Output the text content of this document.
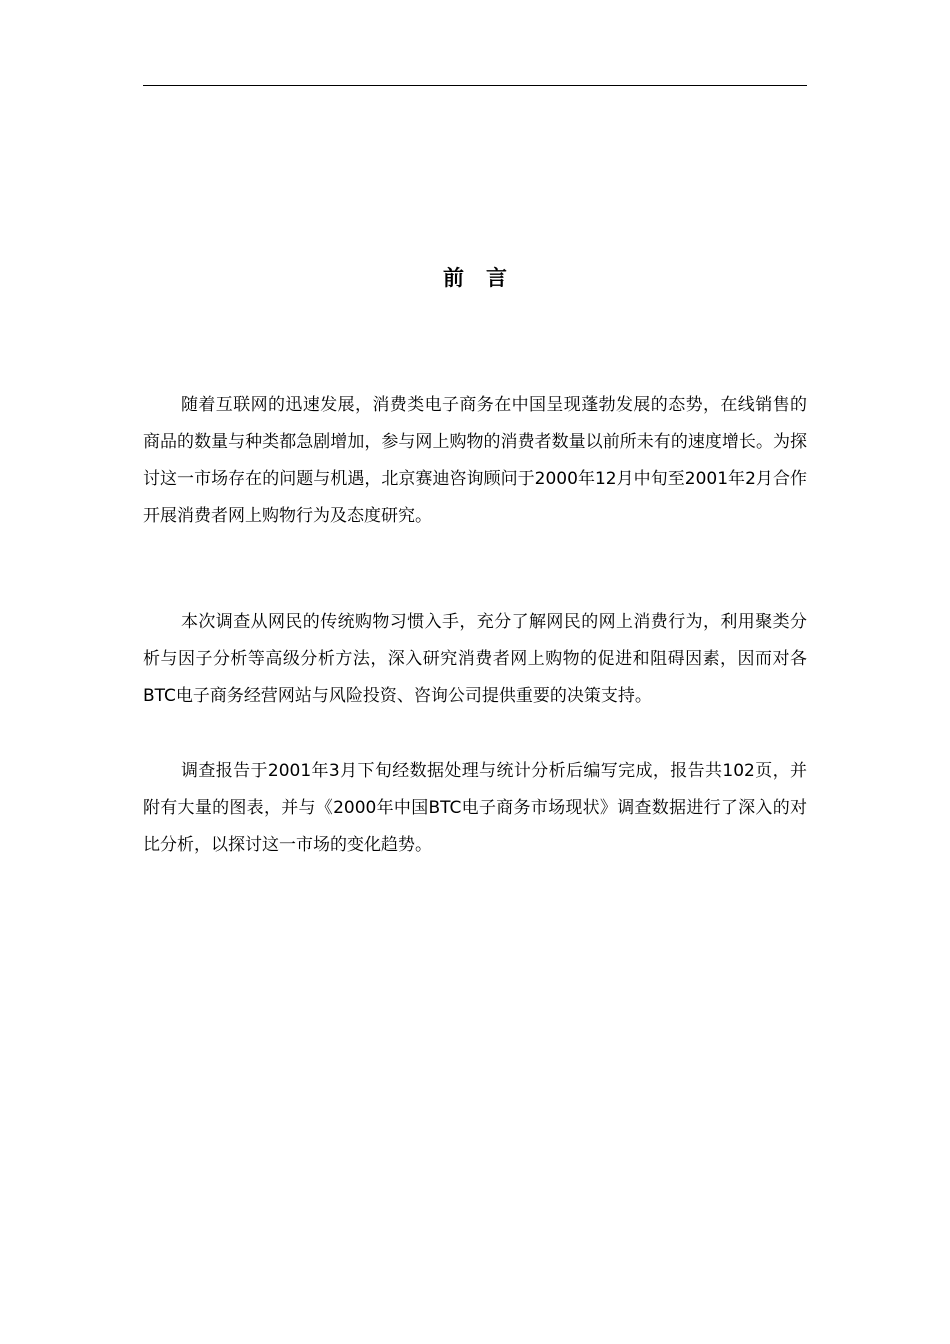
前言

随着互联网的迅速发展，消费类电子商务在中国呈现蓬勃发展的态势，在线销售的商品的数量与种类都急剧增加，参与网上购物的消费者数量以前所未有的速度增长。为探讨这一市场存在的问题与机遇，北京赛迪咨询顾问于2000年12月中旬至2001年2月合作开展消费者网上购物行为及态度研究。

本次调查从网民的传统购物习惯入手，充分了解网民的网上消费行为，利用聚类分析与因子分析等高级分析方法，深入研究消费者网上购物的促进和阻碍因素，因而对各BTC电子商务经营网站与风险投资、咨询公司提供重要的决策支持。

调查报告于2001年3月下旬经数据处理与统计分析后编写完成，报告共102页，并附有大量的图表，并与《2000年中国BTC电子商务市场现状》调查数据进行了深入的对比分析，以探讨这一市场的变化趋势。
